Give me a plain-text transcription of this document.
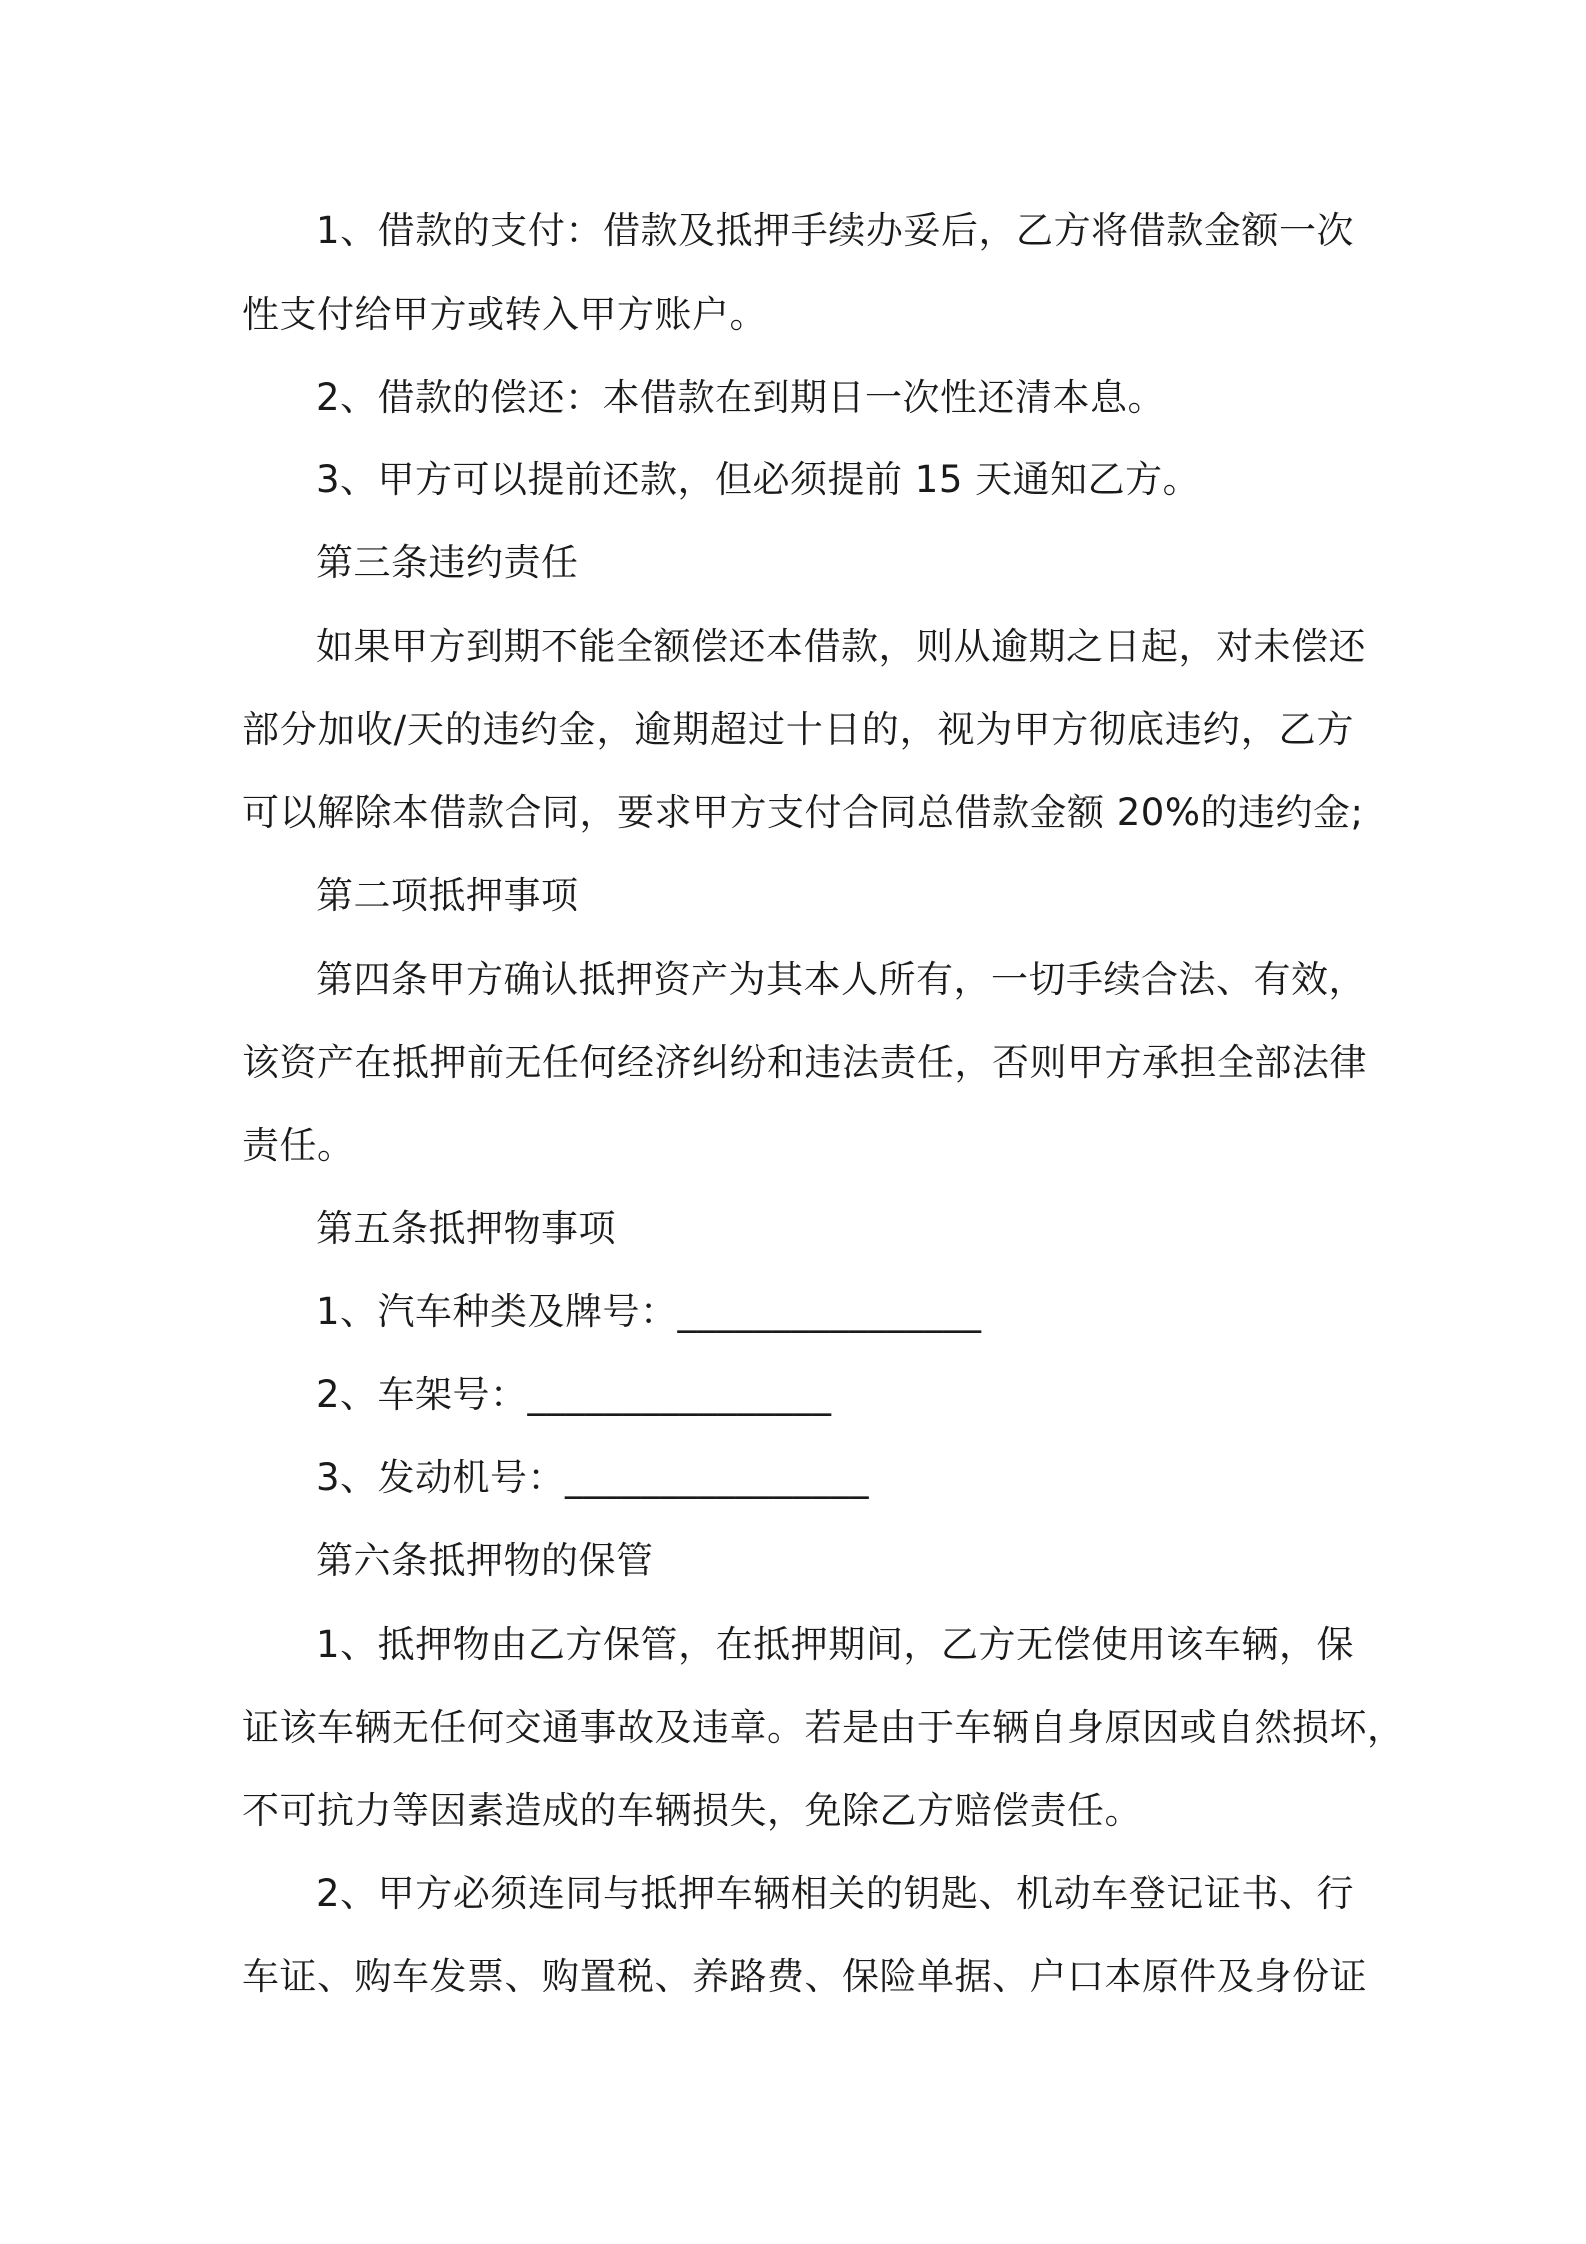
1、借款的支付：借款及抵押手续办妥后，乙方将借款金额一次
性支付给甲方或转入甲方账户。
2、借款的偿还：本借款在到期日一次性还清本息。
3、甲方可以提前还款，但必须提前 15 天通知乙方。
第三条违约责任
如果甲方到期不能全额偿还本借款，则从逾期之日起，对未偿还
部分加收/天的违约金，逾期超过十日的，视为甲方彻底违约，乙方
可以解除本借款合同，要求甲方支付合同总借款金额 20%的违约金;
第二项抵押事项
第四条甲方确认抵押资产为其本人所有，一切手续合法、有效，
该资产在抵押前无任何经济纠纷和违法责任，否则甲方承担全部法律
责任。
第五条抵押物事项
1、汽车种类及牌号：________________
2、车架号：________________
3、发动机号：________________
第六条抵押物的保管
1、抵押物由乙方保管，在抵押期间，乙方无偿使用该车辆，保
证该车辆无任何交通事故及违章。若是由于车辆自身原因或自然损坏，
不可抗力等因素造成的车辆损失，免除乙方赔偿责任。
2、甲方必须连同与抵押车辆相关的钥匙、机动车登记证书、行
车证、购车发票、购置税、养路费、保险单据、户口本原件及身份证
